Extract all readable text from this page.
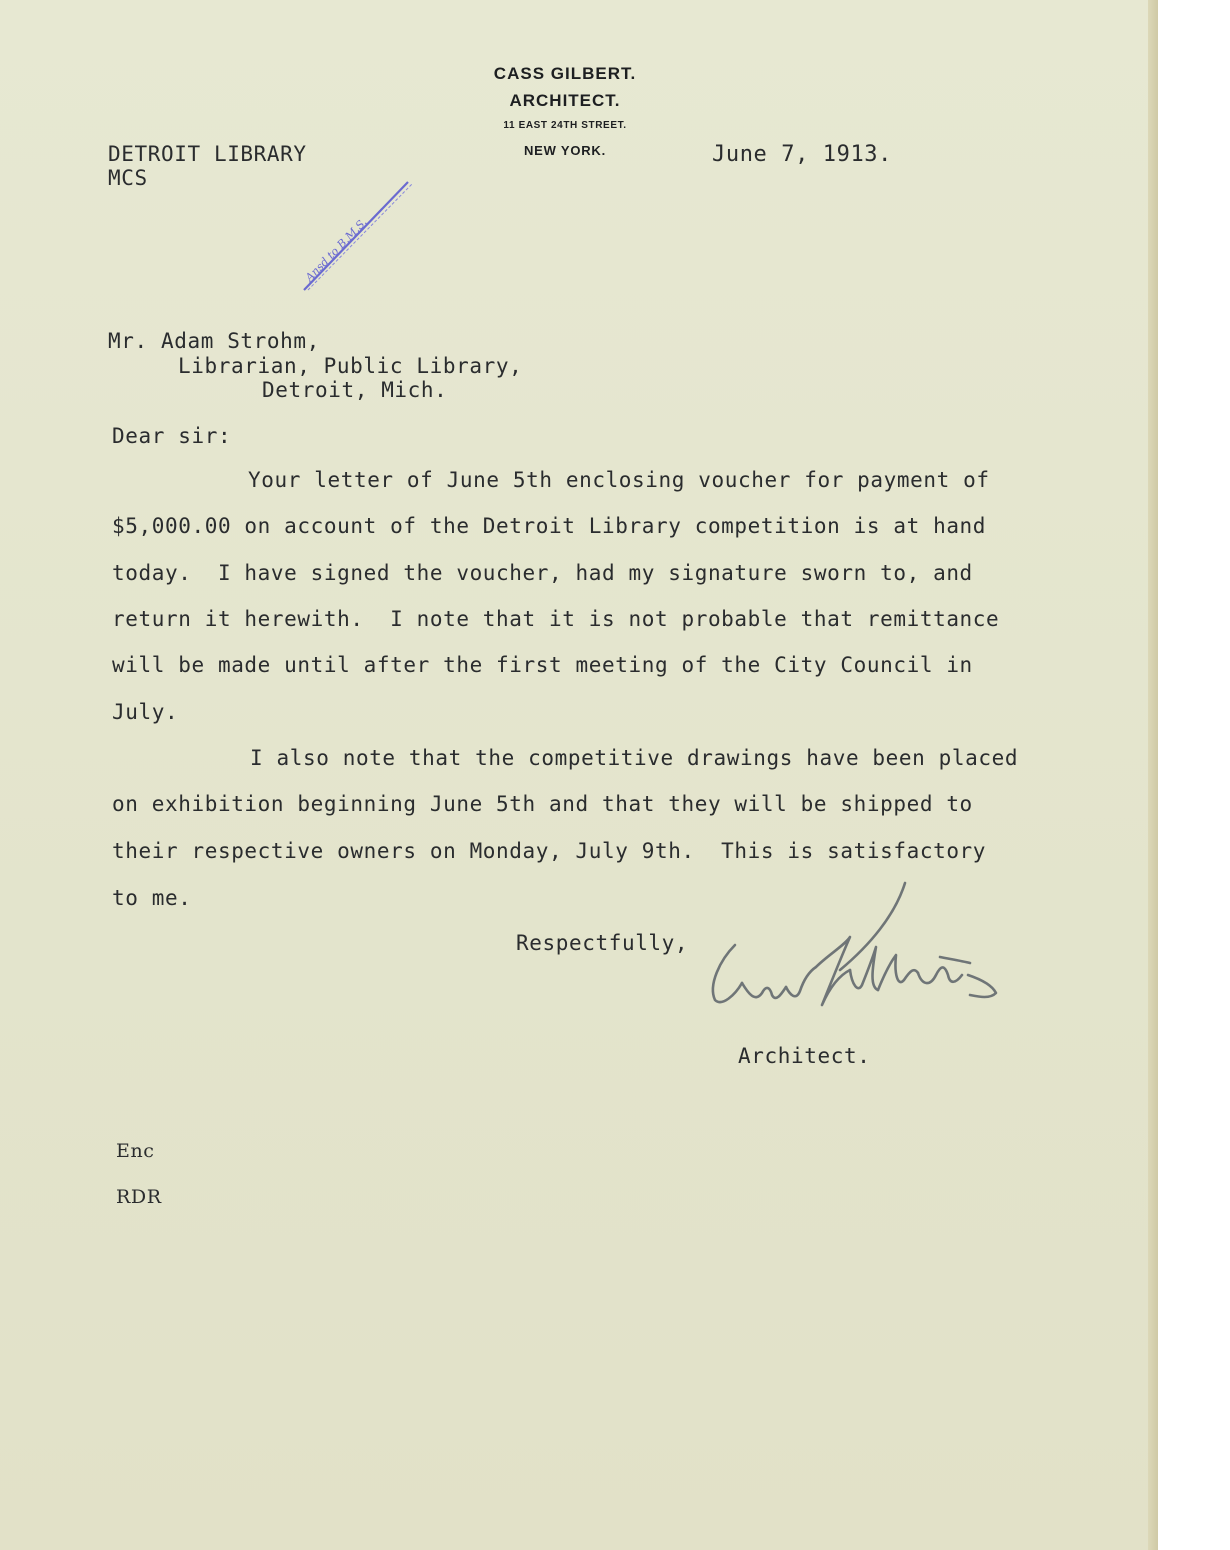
CASS GILBERT.
ARCHITECT.
11 EAST 24TH STREET.
NEW YORK.
DETROIT LIBRARY
MCS
June 7, 1913.
Ansd to B.M.S.
Mr. Adam Strohm,
Librarian, Public Library,
Detroit, Mich.
Dear sir:
Your letter of June 5th enclosing voucher for payment of
$5,000.00 on account of the Detroit Library competition is at hand
today.  I have signed the voucher, had my signature sworn to, and
return it herewith.  I note that it is not probable that remittance
will be made until after the first meeting of the City Council in
July.
I also note that the competitive drawings have been placed
on exhibition beginning June 5th and that they will be shipped to
their respective owners on Monday, July 9th.  This is satisfactory
to me.
Respectfully,
Architect.
Enc
RDR
